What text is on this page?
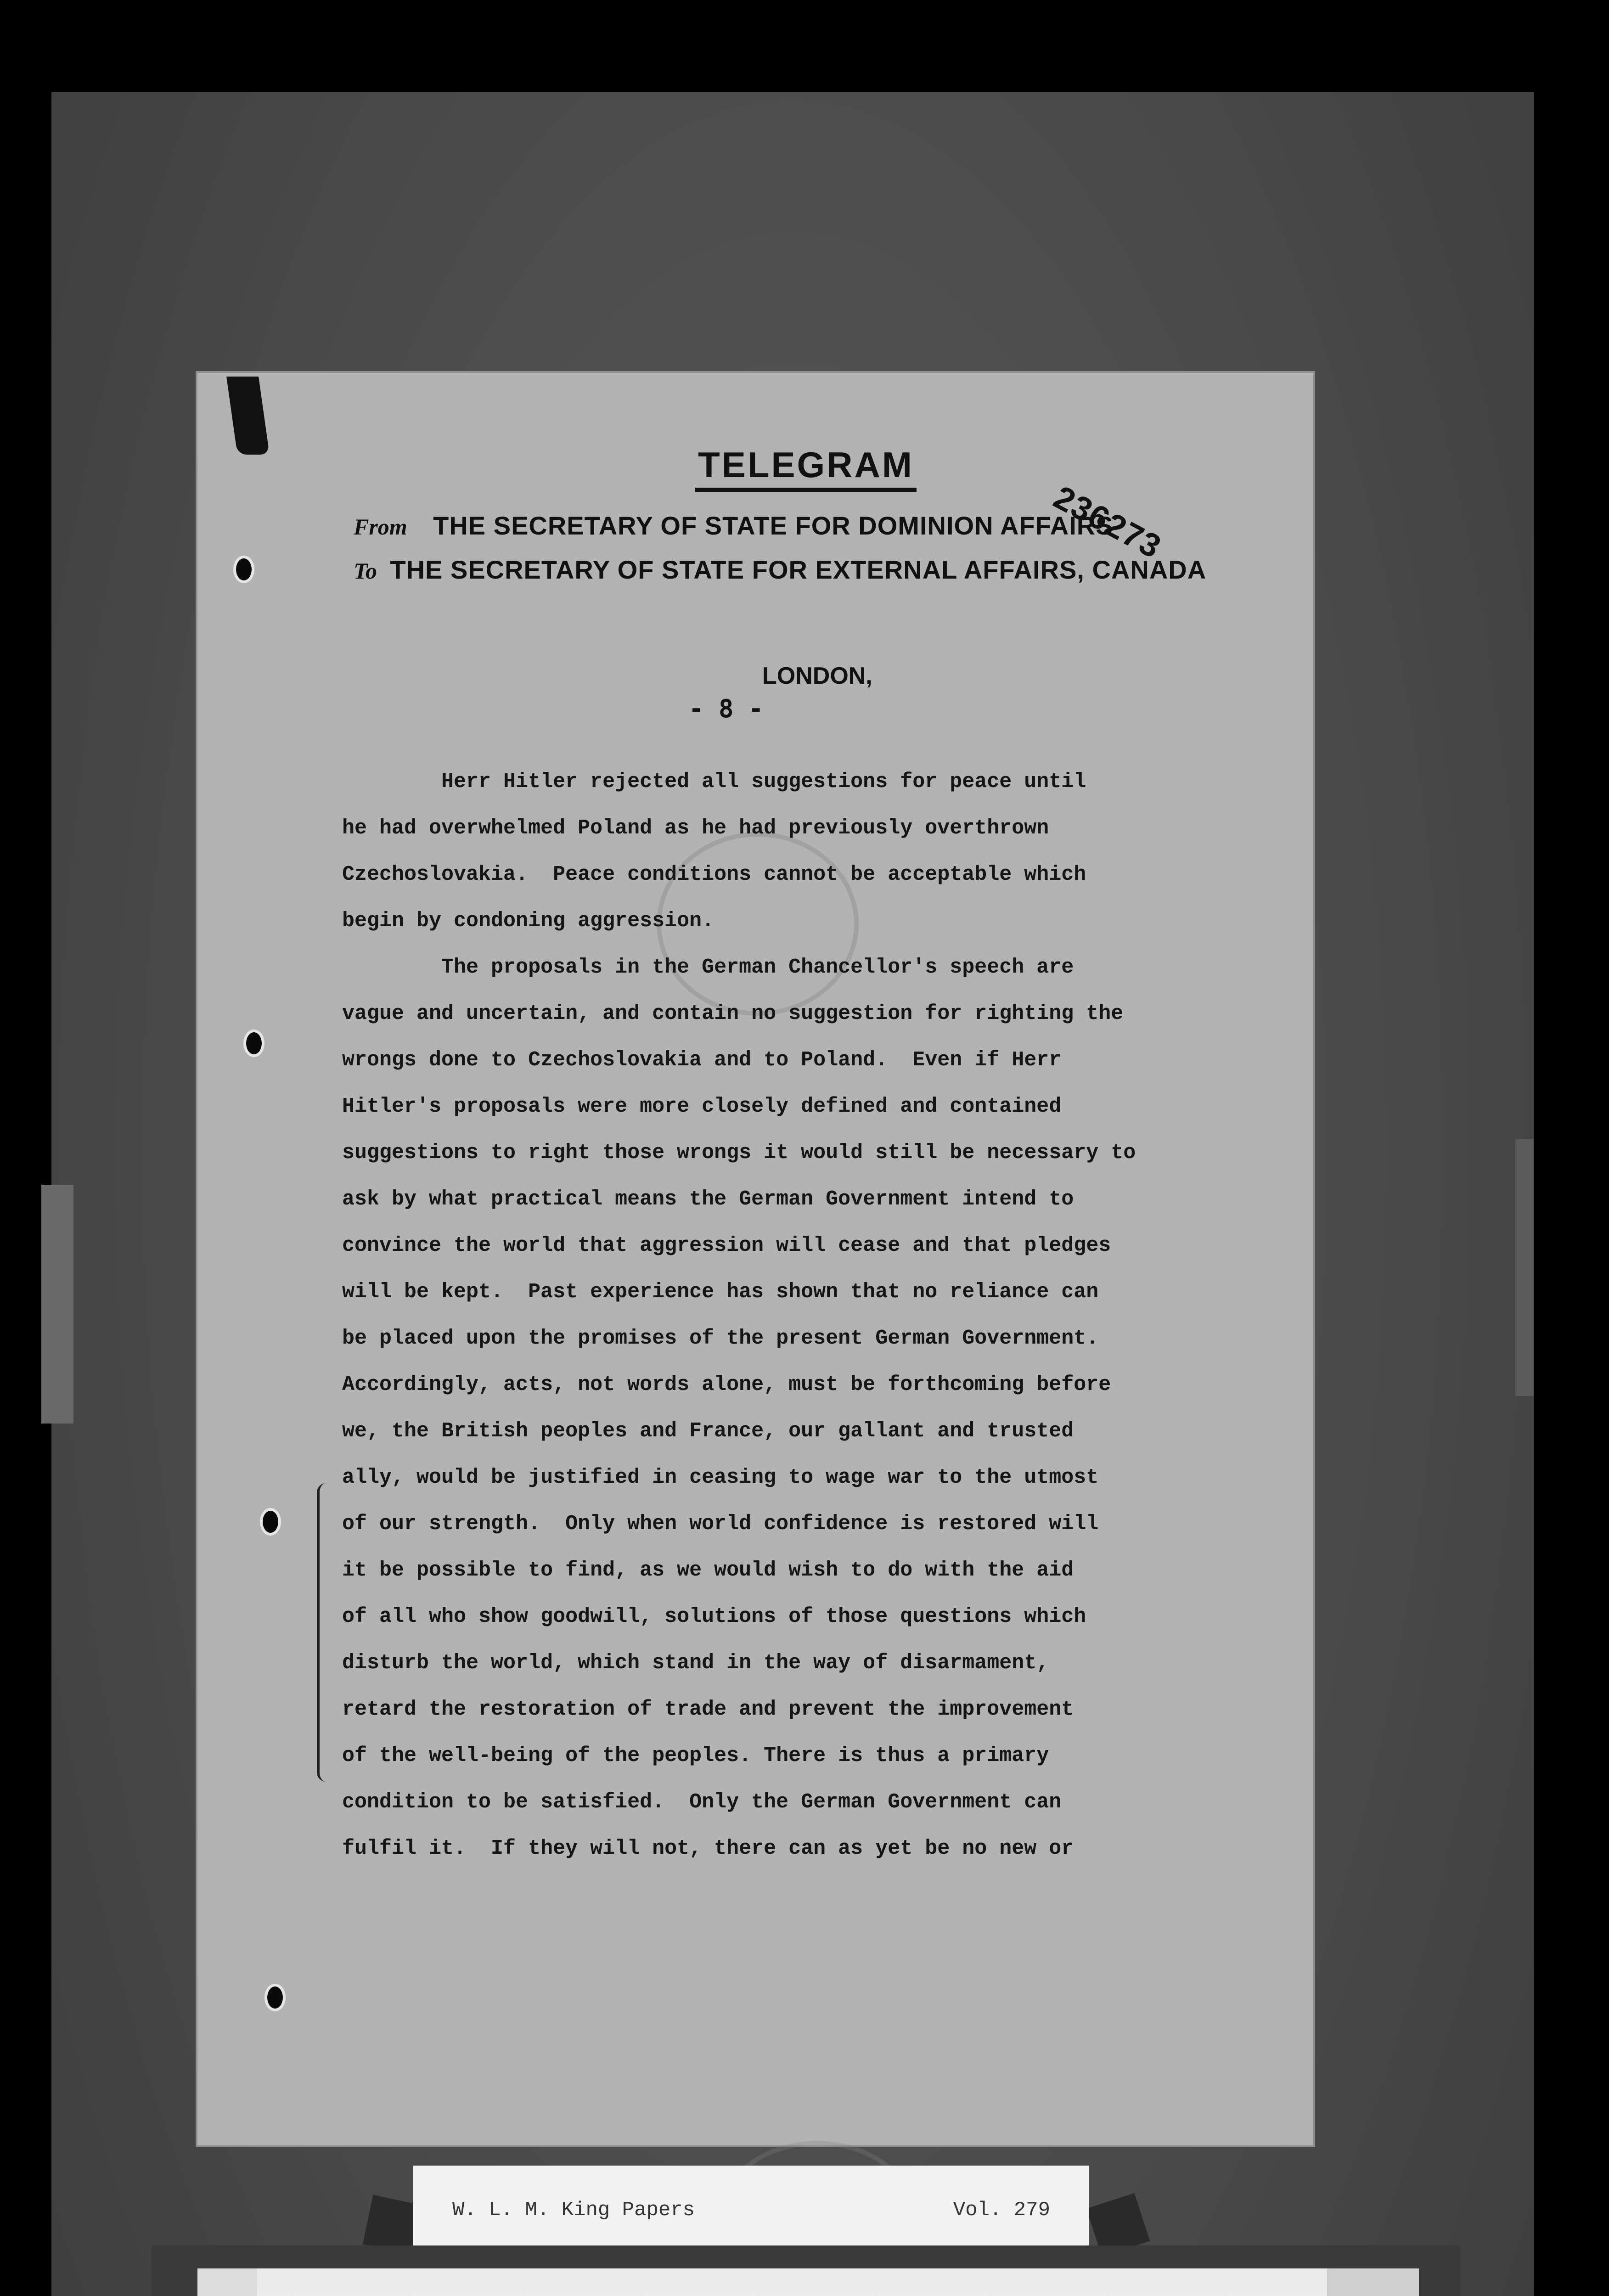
TELEGRAM
From THE SECRETARY OF STATE FOR DOMINION AFFAIRS
To THE SECRETARY OF STATE FOR EXTERNAL AFFAIRS, CANADA
236273
LONDON,
- 8 -
Herr Hitler rejected all suggestions for peace until
he had overwhelmed Poland as he had previously overthrown
Czechoslovakia.  Peace conditions cannot be acceptable which
begin by condoning aggression.
The proposals in the German Chancellor's speech are
vague and uncertain, and contain no suggestion for righting the
wrongs done to Czechoslovakia and to Poland.  Even if Herr
Hitler's proposals were more closely defined and contained
suggestions to right those wrongs it would still be necessary to
ask by what practical means the German Government intend to
convince the world that aggression will cease and that pledges
will be kept.  Past experience has shown that no reliance can
be placed upon the promises of the present German Government.
Accordingly, acts, not words alone, must be forthcoming before
we, the British peoples and France, our gallant and trusted
ally, would be justified in ceasing to wage war to the utmost
of our strength.  Only when world confidence is restored will
it be possible to find, as we would wish to do with the aid
of all who show goodwill, solutions of those questions which
disturb the world, which stand in the way of disarmament,
retard the restoration of trade and prevent the improvement
of the well-being of the peoples. There is thus a primary
condition to be satisfied.  Only the German Government can
fulfil it.  If they will not, there can as yet be no new or
W. L. M. King Papers	Vol. 279
